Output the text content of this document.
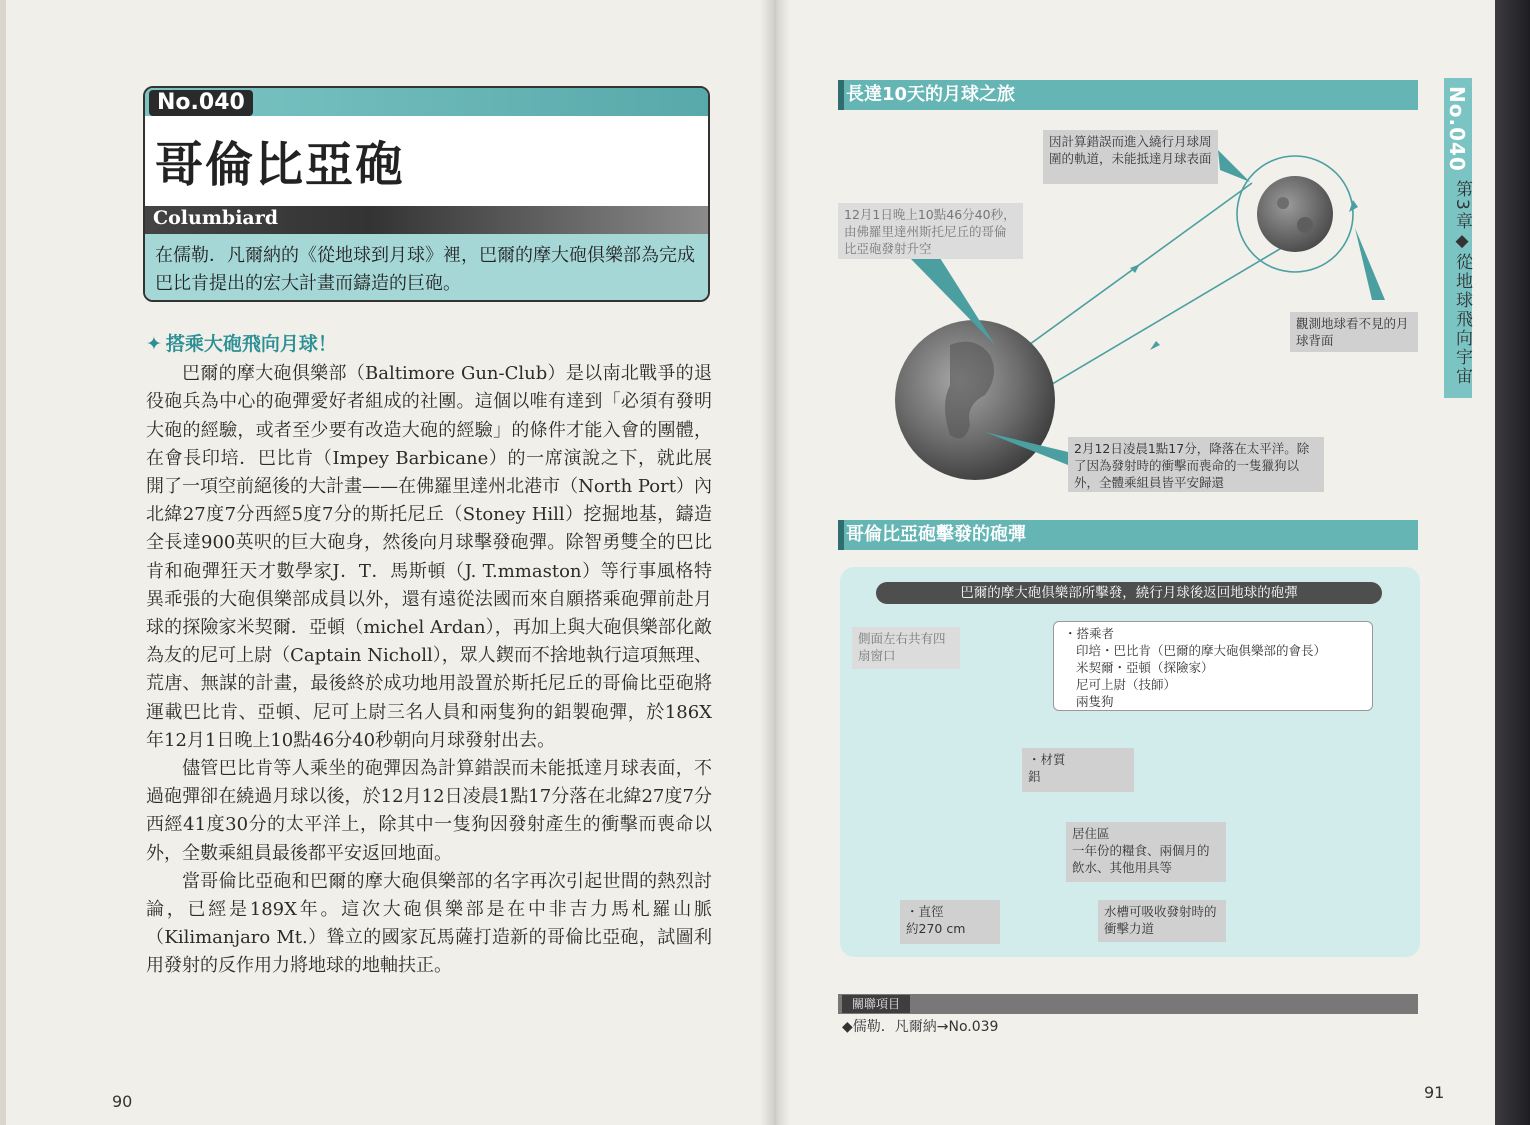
No.040
哥倫比亞砲
Columbiard
在儒勒．凡爾納的《從地球到月球》裡，巴爾的摩大砲俱樂部為完成巴比肯提出的宏大計畫而鑄造的巨砲。
✦ 搭乘大砲飛向月球！

巴爾的摩大砲俱樂部（Baltimore Gun-Club）是以南北戰爭的退役砲兵為中心的砲彈愛好者組成的社團。這個以唯有達到「必須有發明大砲的經驗，或者至少要有改造大砲的經驗」的條件才能入會的團體，在會長印培．巴比肯（Impey Barbicane）的一席演說之下，就此展開了一項空前絕後的大計畫——在佛羅里達州北港市（North Port）內北緯27度7分西經5度7分的斯托尼丘（Stoney Hill）挖掘地基，鑄造全長達900英呎的巨大砲身，然後向月球擊發砲彈。除智勇雙全的巴比肯和砲彈狂天才數學家J．T．馬斯頓（J. T.mmaston）等行事風格特異乖張的大砲俱樂部成員以外，還有遠從法國而來自願搭乘砲彈前赴月球的探險家米契爾．亞頓（michel Ardan），再加上與大砲俱樂部化敵為友的尼可上尉（Captain Nicholl），眾人鍥而不捨地執行這項無理、荒唐、無謀的計畫，最後終於成功地用設置於斯托尼丘的哥倫比亞砲將運載巴比肯、亞頓、尼可上尉三名人員和兩隻狗的鋁製砲彈，於186X年12月1日晚上10點46分40秒朝向月球發射出去。

儘管巴比肯等人乘坐的砲彈因為計算錯誤而未能抵達月球表面，不過砲彈卻在繞過月球以後，於12月12日凌晨1點17分落在北緯27度7分西經41度30分的太平洋上，除其中一隻狗因發射產生的衝擊而喪命以外，全數乘組員最後都平安返回地面。

當哥倫比亞砲和巴爾的摩大砲俱樂部的名字再次引起世間的熱烈討論，已經是189X年。這次大砲俱樂部是在中非吉力馬札羅山脈（Kilimanjaro Mt.）聳立的國家瓦馬薩打造新的哥倫比亞砲，試圖利用發射的反作用力將地球的地軸扶正。

90
長達10天的月球之旅
因計算錯誤而進入繞行月球周圍的軌道，未能抵達月球表面
12月1日晚上10點46分40秒，由佛羅里達州斯托尼丘的哥倫比亞砲發射升空
觀測地球看不見的月球背面
2月12日凌晨1點17分，降落在太平洋。除了因為發射時的衝擊而喪命的一隻獵狗以外，全體乘組員皆平安歸還
哥倫比亞砲擊發的砲彈
巴爾的摩大砲俱樂部所擊發，繞行月球後返回地球的砲彈
側面左右共有四扇窗口
・搭乘者
印培・巴比肯（巴爾的摩大砲俱樂部的會長）
米契爾・亞頓（探險家）
尼可上尉（技師）
兩隻狗
・材質
鋁
居住區
一年份的糧食、兩個月的飲水、其他用具等
水槽可吸收發射時的衝擊力道
・直徑
約270 cm
關聯項目
◆儒勒．凡爾納→No.039
No.040
第3章◆從地球飛向宇宙
91
